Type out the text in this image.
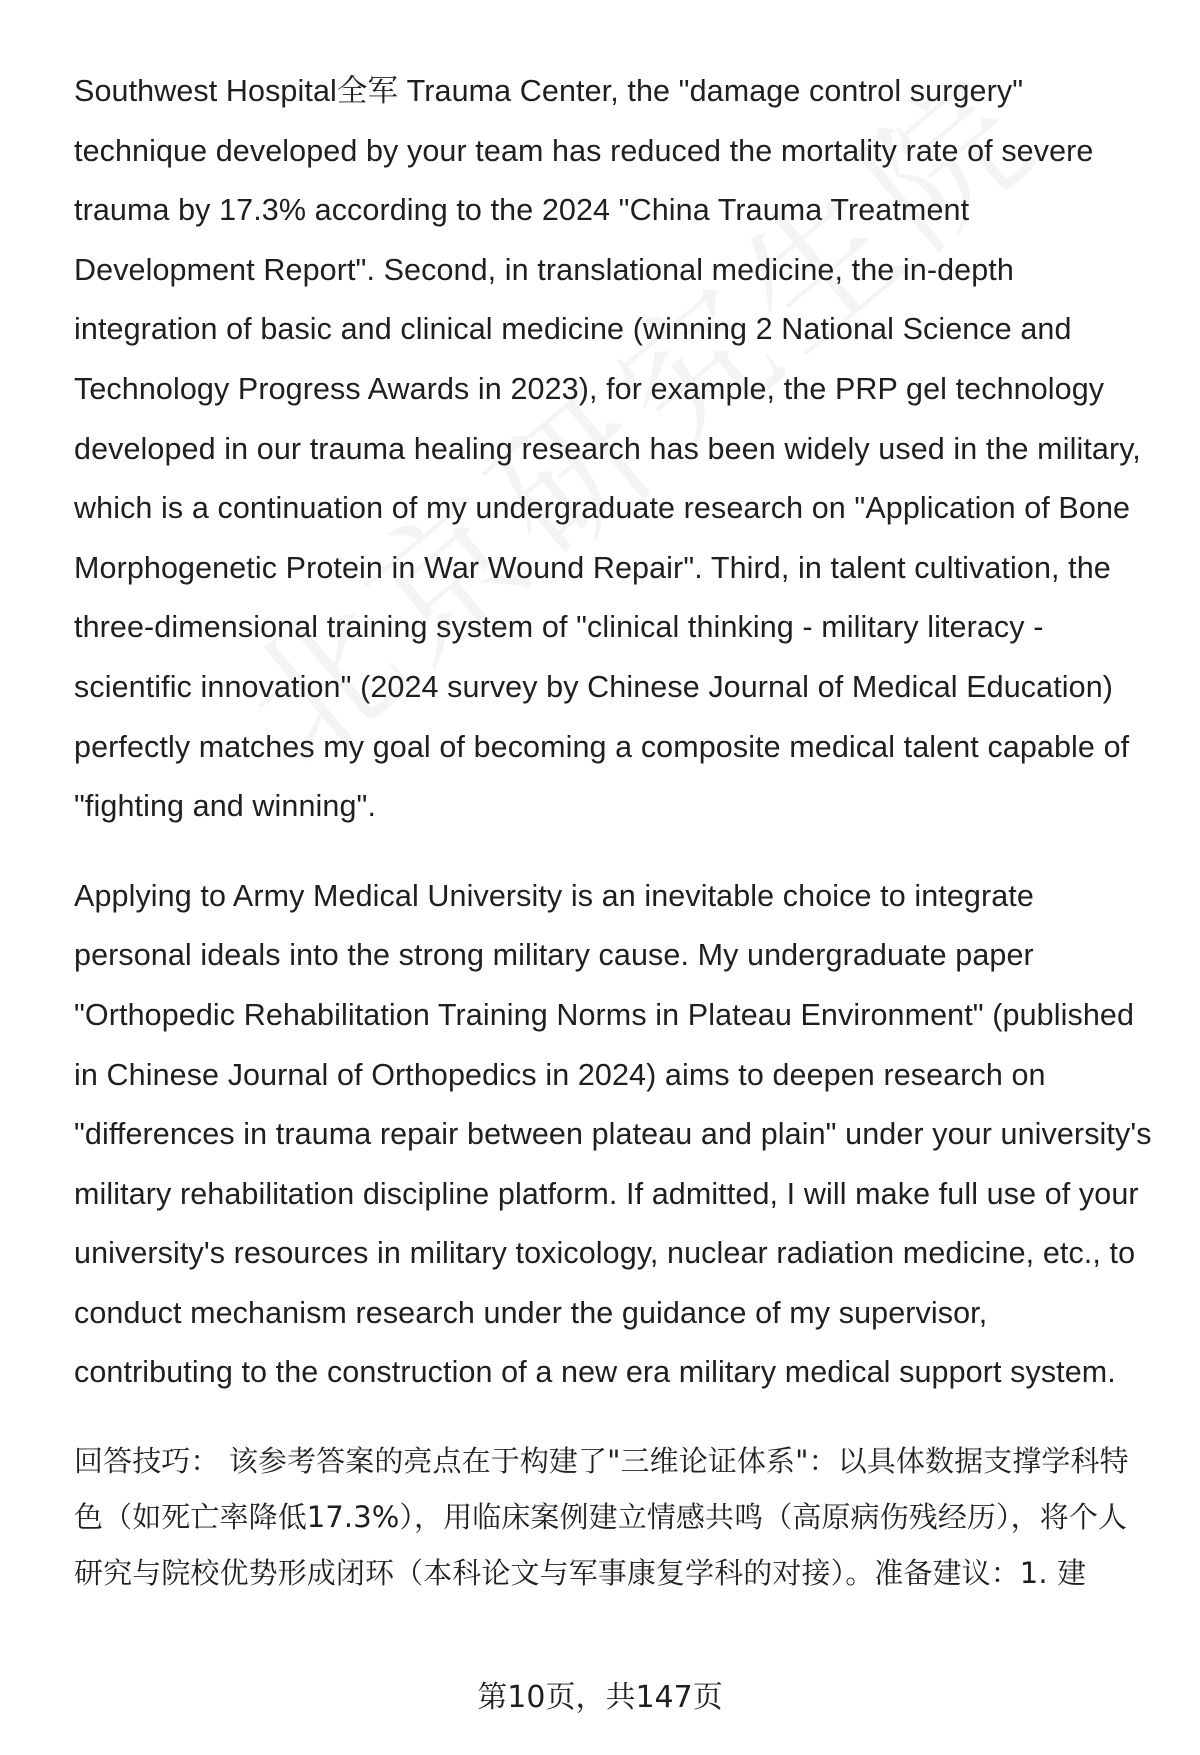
Southwest Hospital全军 Trauma Center, the "damage control surgery" technique developed by your team has reduced the mortality rate of severe trauma by 17.3% according to the 2024 "China Trauma Treatment Development Report". Second, in translational medicine, the in-depth integration of basic and clinical medicine (winning 2 National Science and Technology Progress Awards in 2023), for example, the PRP gel technology developed in our trauma healing research has been widely used in the military, which is a continuation of my undergraduate research on "Application of Bone Morphogenetic Protein in War Wound Repair". Third, in talent cultivation, the three-dimensional training system of "clinical thinking - military literacy - scientific innovation" (2024 survey by Chinese Journal of Medical Education) perfectly matches my goal of becoming a composite medical talent capable of "fighting and winning".

Applying to Army Medical University is an inevitable choice to integrate personal ideals into the strong military cause. My undergraduate paper "Orthopedic Rehabilitation Training Norms in Plateau Environment" (published in Chinese Journal of Orthopedics in 2024) aims to deepen research on "differences in trauma repair between plateau and plain" under your university's military rehabilitation discipline platform. If admitted, I will make full use of your university's resources in military toxicology, nuclear radiation medicine, etc., to conduct mechanism research under the guidance of my supervisor, contributing to the construction of a new era military medical support system.

回答技巧： 该参考答案的亮点在于构建了"三维论证体系"：以具体数据支撑学科特色（如死亡率降低17.3%），用临床案例建立情感共鸣（高原病伤残经历），将个人研究与院校优势形成闭环（本科论文与军事康复学科的对接）。准备建议：1. 建

第10页，共147页
